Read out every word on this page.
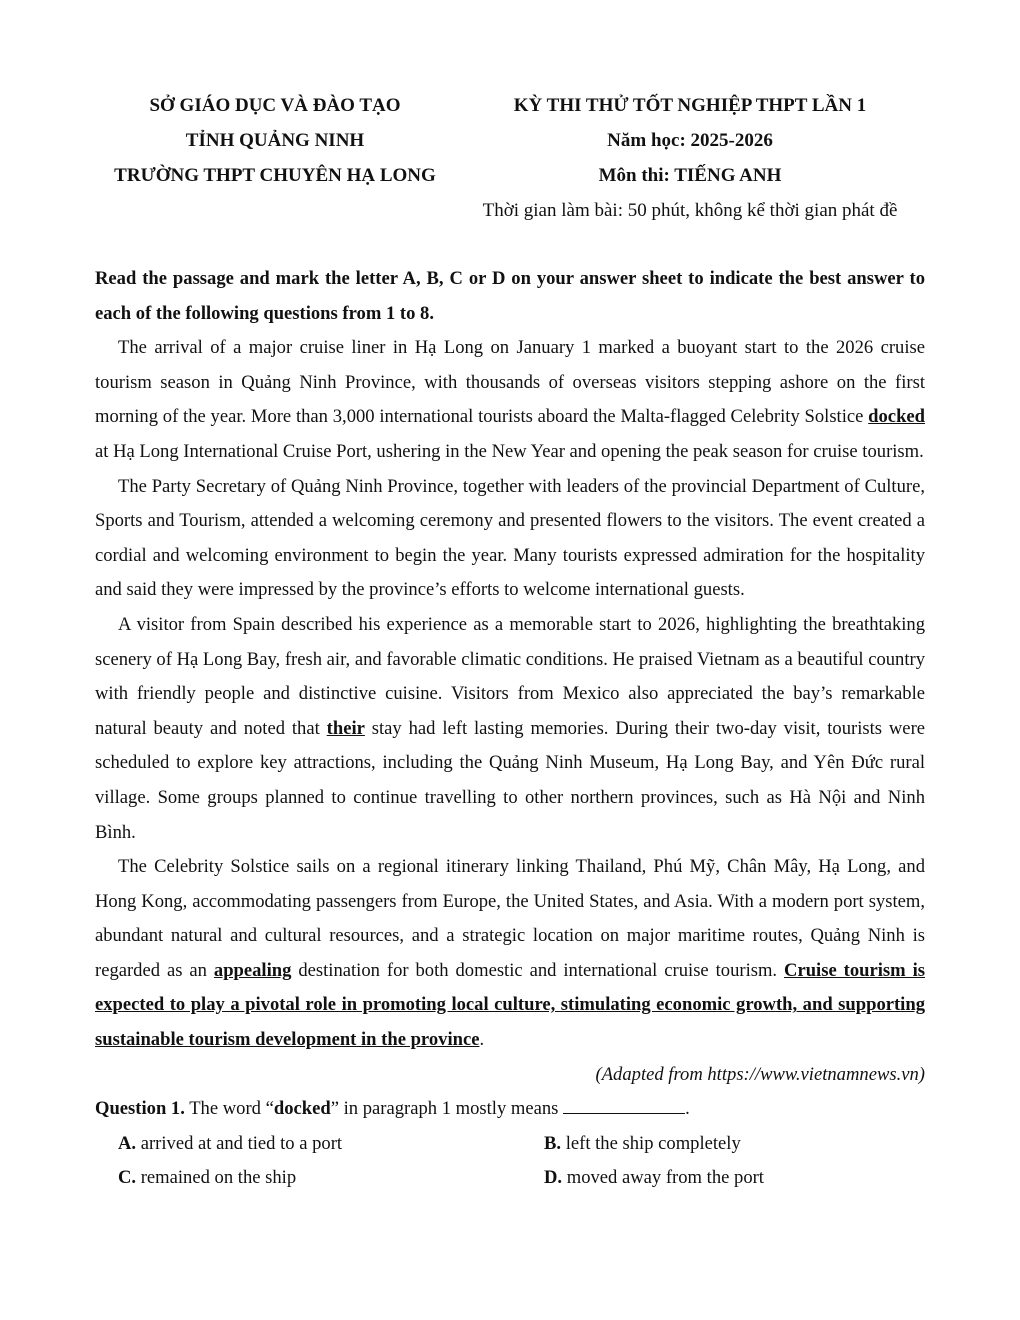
SỞ GIÁO DỤC VÀ ĐÀO TẠO
TỈNH QUẢNG NINH
TRƯỜNG THPT CHUYÊN HẠ LONG
KỲ THI THỬ TỐT NGHIỆP THPT LẦN 1
Năm học: 2025-2026
Môn thi: TIẾNG ANH
Thời gian làm bài: 50 phút, không kể thời gian phát đề

Read the passage and mark the letter A, B, C or D on your answer sheet to indicate the best answer to each of the following questions from 1 to 8.

The arrival of a major cruise liner in Hạ Long on January 1 marked a buoyant start to the 2026 cruise tourism season in Quảng Ninh Province, with thousands of overseas visitors stepping ashore on the first morning of the year. More than 3,000 international tourists aboard the Malta-flagged Celebrity Solstice docked at Hạ Long International Cruise Port, ushering in the New Year and opening the peak season for cruise tourism.

The Party Secretary of Quảng Ninh Province, together with leaders of the provincial Department of Culture, Sports and Tourism, attended a welcoming ceremony and presented flowers to the visitors. The event created a cordial and welcoming environment to begin the year. Many tourists expressed admiration for the hospitality and said they were impressed by the province’s efforts to welcome international guests.

A visitor from Spain described his experience as a memorable start to 2026, highlighting the breathtaking scenery of Hạ Long Bay, fresh air, and favorable climatic conditions. He praised Vietnam as a beautiful country with friendly people and distinctive cuisine. Visitors from Mexico also appreciated the bay’s remarkable natural beauty and noted that their stay had left lasting memories. During their two-day visit, tourists were scheduled to explore key attractions, including the Quảng Ninh Museum, Hạ Long Bay, and Yên Đức rural village. Some groups planned to continue travelling to other northern provinces, such as Hà Nội and Ninh Bình.

The Celebrity Solstice sails on a regional itinerary linking Thailand, Phú Mỹ, Chân Mây, Hạ Long, and Hong Kong, accommodating passengers from Europe, the United States, and Asia. With a modern port system, abundant natural and cultural resources, and a strategic location on major maritime routes, Quảng Ninh is regarded as an appealing destination for both domestic and international cruise tourism. Cruise tourism is expected to play a pivotal role in promoting local culture, stimulating economic growth, and supporting sustainable tourism development in the province.

(Adapted from https://www.vietnamnews.vn)

Question 1. The word “docked” in paragraph 1 mostly means	.

A. arrived at and tied to a port	B. left the ship completely
C. remained on the ship	D. moved away from the port
